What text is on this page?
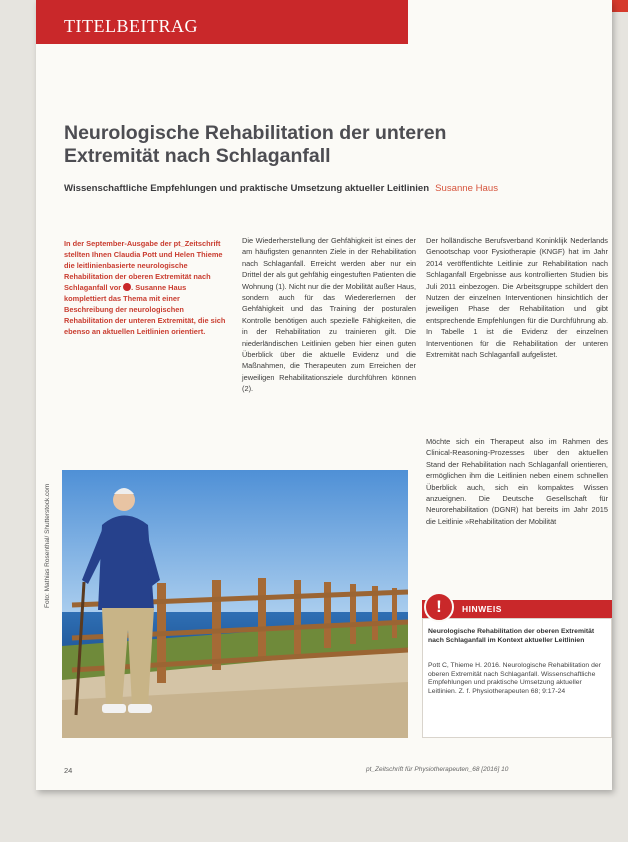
TITELBEITRAG
Neurologische Rehabilitation der unteren Extremität nach Schlaganfall
Wissenschaftliche Empfehlungen und praktische Umsetzung aktueller Leitlinien Susanne Haus
In der September-Ausgabe der pt_Zeitschrift stellten Ihnen Claudia Pott und Helen Thieme die leitlinienbasierte neurologische Rehabilitation der oberen Extremität nach Schlaganfall vor . Susanne Haus komplettiert das Thema mit einer Beschreibung der neurologischen Rehabilitation der unteren Extremität, die sich ebenso an aktuellen Leitlinien orientiert.
Die Wiederherstellung der Gehfähigkeit ist eines der am häufigsten genannten Ziele in der Rehabilitation nach Schlaganfall. Erreicht werden aber nur ein Drittel der als gut gehfähig eingestuften Patienten die Wohnung (1). Nicht nur die der Mobilität außer Haus, sondern auch für das Wiedererlernen der Gehfähigkeit und das Training der posturalen Kontrolle benötigen auch spezielle Fähigkeiten, die in der Rehabilitation zu trainieren gilt. Die niederländischen Leitlinien geben hier einen guten Überblick über die aktuelle Evidenz und die Maßnahmen, die Therapeuten zum Erreichen der jeweiligen Rehabilitationsziele durchführen können (2).
Der holländische Berufsverband Koninklijk Nederlands Genootschap voor Fysiotherapie (KNGF) hat im Jahr 2014 veröffentlichte Leitlinie zur Rehabilitation nach Schlaganfall Ergebnisse aus kontrollierten Studien bis Juli 2011 einbezogen. Die Arbeitsgruppe schildert den Nutzen der einzelnen Interventionen hinsichtlich der jeweiligen Phase der Rehabilitation und gibt entsprechende Empfehlungen für die Durchführung ab. In Tabelle 1 ist die Evidenz der einzelnen Interventionen für die Rehabilitation der unteren Extremität nach Schlaganfall aufgelistet.
Möchte sich ein Therapeut also im Rahmen des Clinical-Reasoning-Prozesses über den aktuellen Stand der Rehabilitation nach Schlaganfall orientieren, ermöglichen ihm die Leitlinien neben einem schnellen Überblick auch, sich ein kompaktes Wissen anzueignen. Die Deutsche Gesellschaft für Neurorehabilitation (DGNR) hat bereits im Jahr 2015 die Leitlinie »Rehabilitation der Mobilität
Foto: Mathias Rosenthal/ Shutterstock.com
HINWEIS
!
Neurologische Rehabilitation der oberen Extremität nach Schlaganfall im Kontext aktueller Leitlinien
Pott C, Thieme H. 2016. Neurologische Rehabilitation der oberen Extremität nach Schlaganfall. Wissenschaftliche Empfehlungen und praktische Umsetzung aktueller Leitlinien. Z. f. Physiotherapeuten 68; 9:17-24
24	pt_Zeitschrift für Physiotherapeuten_68 [2016] 10
